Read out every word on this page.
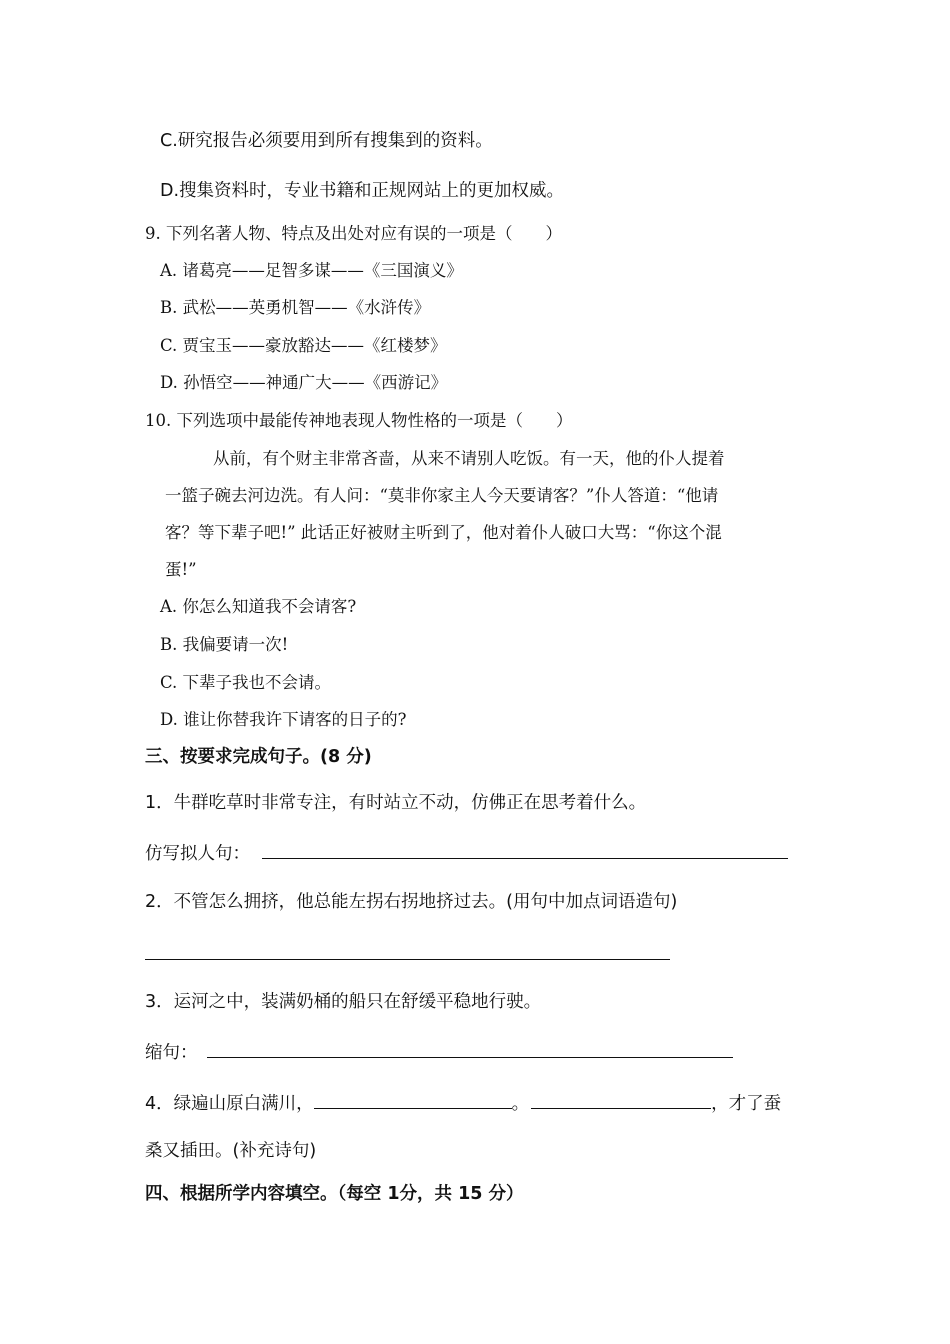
C.研究报告必须要用到所有搜集到的资料。
D.搜集资料时，专业书籍和正规网站上的更加权威。
9. 下列名著人物、特点及出处对应有误的一项是（　　）
A. 诸葛亮——足智多谋——《三国演义》
B. 武松——英勇机智——《水浒传》
C. 贾宝玉——豪放豁达——《红楼梦》
D. 孙悟空——神通广大——《西游记》
10. 下列选项中最能传神地表现人物性格的一项是（　　）
从前，有个财主非常吝啬，从来不请别人吃饭。有一天，他的仆人提着
一篮子碗去河边洗。有人问：“莫非你家主人今天要请客？”仆人答道：“他请
客？等下辈子吧!” 此话正好被财主听到了，他对着仆人破口大骂：“你这个混
蛋!”
A. 你怎么知道我不会请客?
B. 我偏要请一次!
C. 下辈子我也不会请。
D. 谁让你替我许下请客的日子的?
三、按要求完成句子。(8 分)
1．牛群吃草时非常专注，有时站立不动，仿佛正在思考着什么。
仿写拟人句：
2．不管怎么拥挤，他总能左拐右拐地挤过去。(用句中加点词语造句)
3．运河之中，装满奶桶的船只在舒缓平稳地行驶。
缩句：
4．绿遍山原白满川，	。	，才了蚕
桑又插田。(补充诗句)
四、根据所学内容填空。（每空 1分，共 15 分）
